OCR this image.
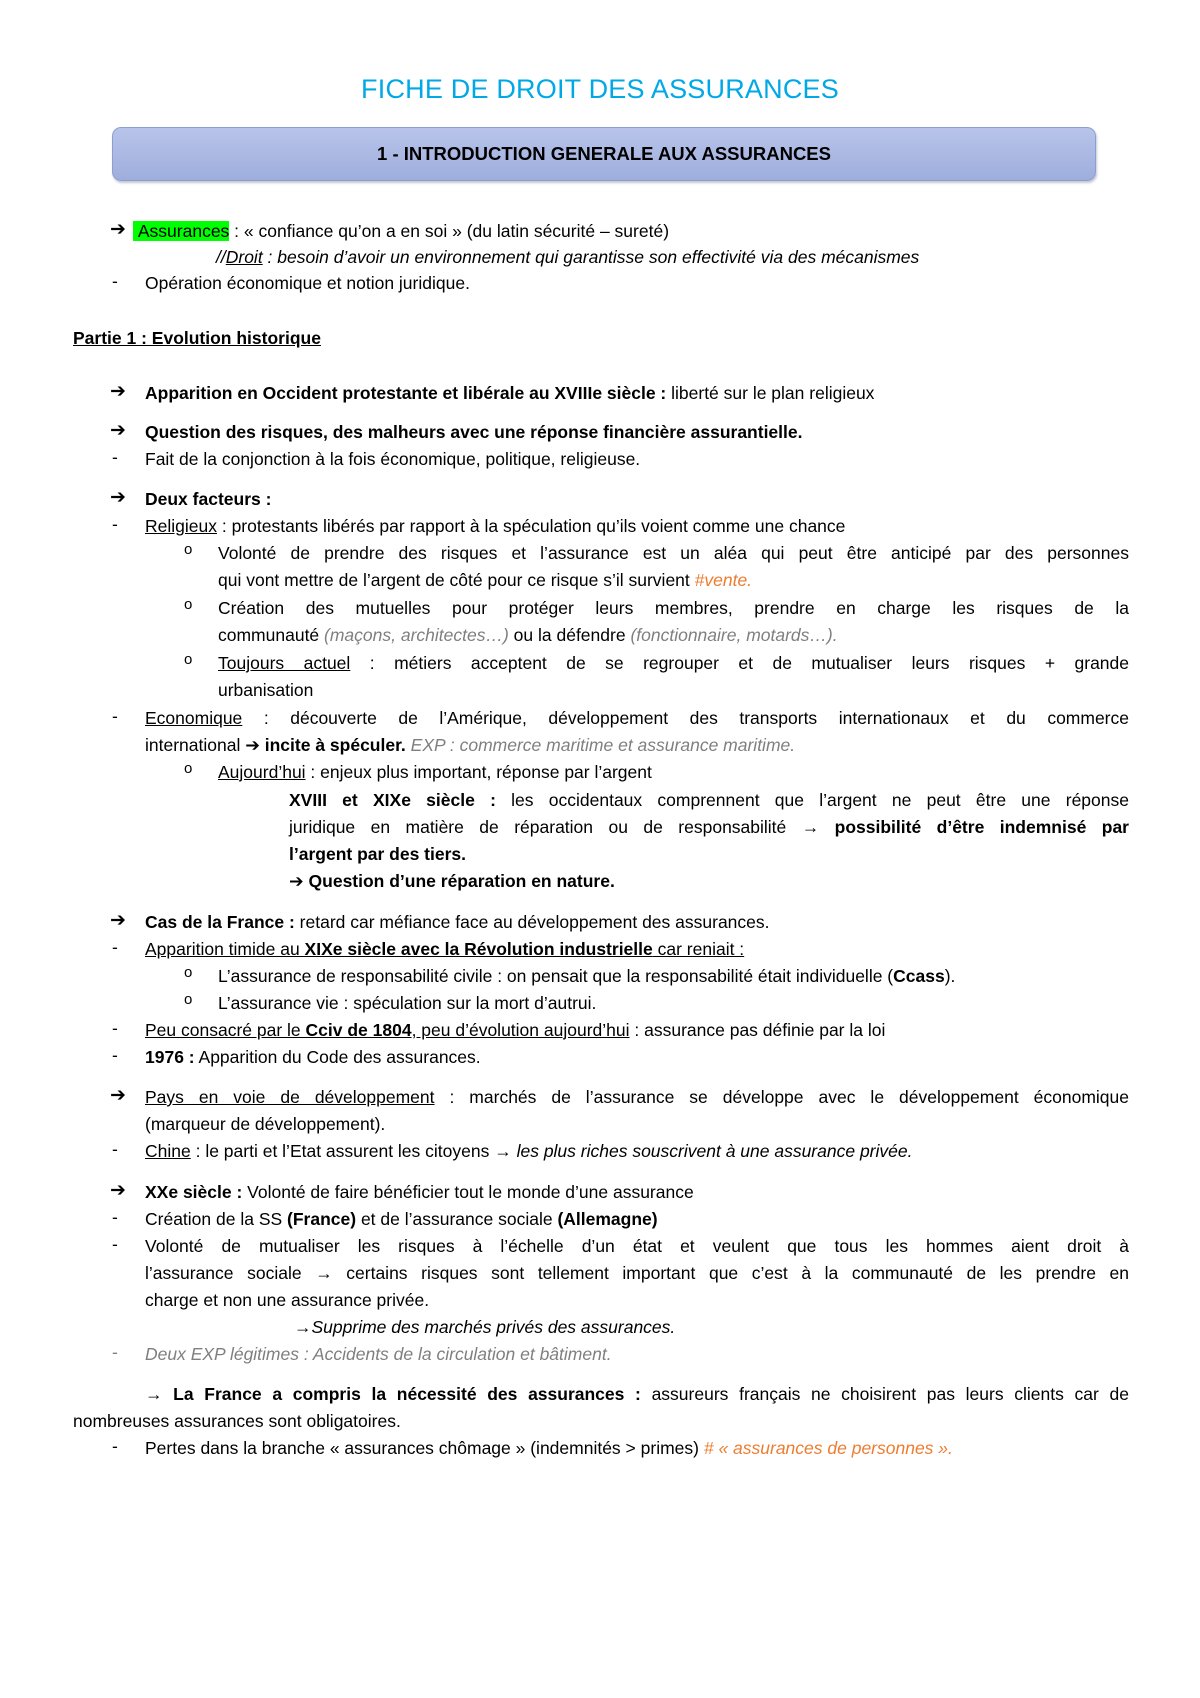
FICHE DE DROIT DES ASSURANCES
1 - INTRODUCTION GENERALE AUX ASSURANCES
➔ Assurances : « confiance qu’on a en soi » (du latin sécurité – sureté)
//Droit : besoin d’avoir un environnement qui garantisse son effectivité via des mécanismes
- Opération économique et notion juridique.
Partie 1 : Evolution historique
➔ Apparition en Occident protestante et libérale au XVIIIe siècle : liberté sur le plan religieux
➔ Question des risques, des malheurs avec une réponse financière assurantielle.
- Fait de la conjonction à la fois économique, politique, religieuse.
➔ Deux facteurs :
- Religieux : protestants libérés par rapport à la spéculation qu’ils voient comme une chance
o Volonté de prendre des risques et l’assurance est un aléa qui peut être anticipé par des personnes
qui vont mettre de l’argent de côté pour ce risque s’il survient #vente.
o Création des mutuelles pour protéger leurs membres, prendre en charge les risques de la
communauté (maçons, architectes…) ou la défendre (fonctionnaire, motards…).
o Toujours actuel : métiers acceptent de se regrouper et de mutualiser leurs risques + grande
urbanisation
- Economique : découverte de l’Amérique, développement des transports internationaux et du commerce
international ➔ incite à spéculer. EXP : commerce maritime et assurance maritime.
o Aujourd’hui : enjeux plus important, réponse par l’argent
XVIII et XIXe siècle : les occidentaux comprennent que l’argent ne peut être une réponse
juridique en matière de réparation ou de responsabilité → possibilité d’être indemnisé par
l’argent par des tiers.
➔ Question d’une réparation en nature.
➔ Cas de la France : retard car méfiance face au développement des assurances.
- Apparition timide au XIXe siècle avec la Révolution industrielle car reniait :
o L’assurance de responsabilité civile : on pensait que la responsabilité était individuelle (Ccass).
o L’assurance vie : spéculation sur la mort d’autrui.
- Peu consacré par le Cciv de 1804, peu d’évolution aujourd’hui : assurance pas définie par la loi
- 1976 : Apparition du Code des assurances.
➔ Pays en voie de développement : marchés de l’assurance se développe avec le développement économique
(marqueur de développement).
- Chine : le parti et l’Etat assurent les citoyens → les plus riches souscrivent à une assurance privée.
➔ XXe siècle : Volonté de faire bénéficier tout le monde d’une assurance
- Création de la SS (France) et de l’assurance sociale (Allemagne)
- Volonté de mutualiser les risques à l’échelle d’un état et veulent que tous les hommes aient droit à
l’assurance sociale → certains risques sont tellement important que c’est à la communauté de les prendre en
charge et non une assurance privée.
→Supprime des marchés privés des assurances.
- Deux EXP légitimes : Accidents de la circulation et bâtiment.
→ La France a compris la nécessité des assurances : assureurs français ne choisirent pas leurs clients car de
nombreuses assurances sont obligatoires.
- Pertes dans la branche « assurances chômage » (indemnités > primes) # « assurances de personnes ».
